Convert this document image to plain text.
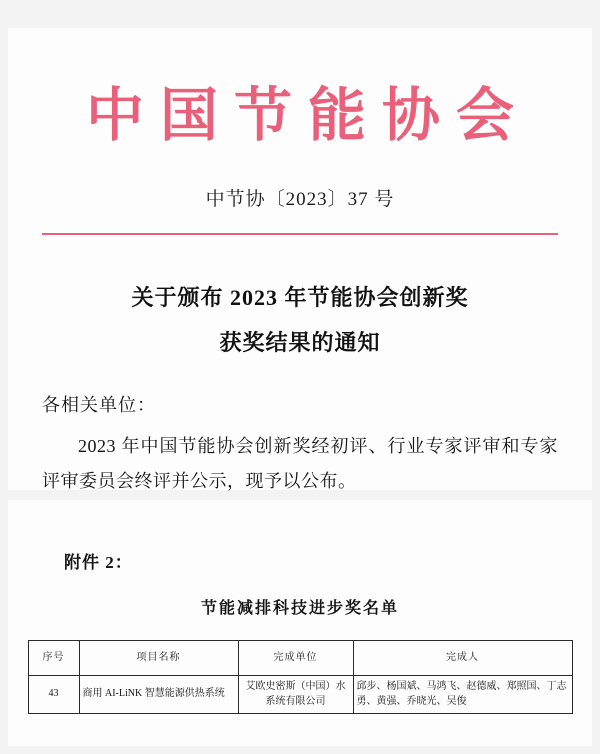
中国节能协会
中节协〔2023〕37 号
关于颁布 2023 年节能协会创新奖
获奖结果的通知
各相关单位：
2023 年中国节能协会创新奖经初评、行业专家评审和专家评审委员会终评并公示，现予以公布。
附件 2：
节能减排科技进步奖名单
序号	项目名称	完成单位	完成人
43	商用 AI-LiNK 智慧能源供热系统	艾欧史密斯（中国）水系统有限公司	邱步、杨国斌、马鸿飞、赵德威、郑照国、丁志勇、黄强、乔晓光、吴俊
